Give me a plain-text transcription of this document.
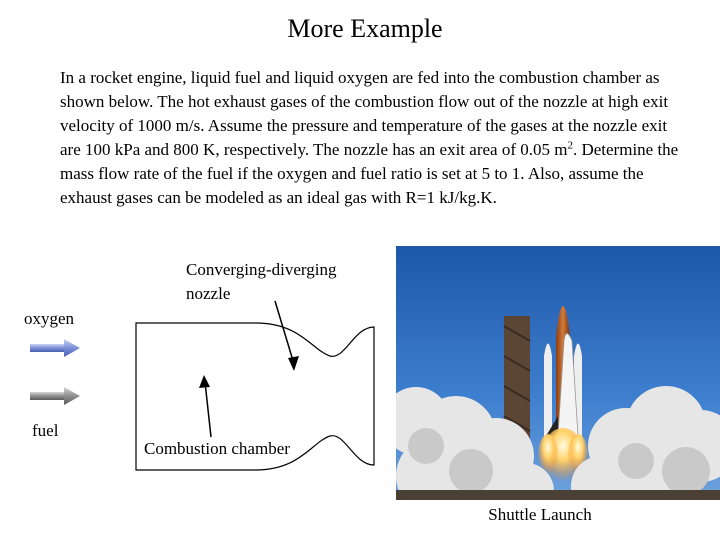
More Example
In a rocket engine, liquid fuel and liquid oxygen are fed into the combustion chamber as shown below. The hot exhaust gases of the combustion flow out of the nozzle at high exit velocity of 1000 m/s. Assume the pressure and temperature of the gases at the nozzle exit are 100 kPa and 800 K, respectively. The nozzle has an exit area of 0.05 $m^2$. Determine the mass flow rate of the fuel if the oxygen and fuel ratio is set at 5 to 1. Also, assume the exhaust gases can be modeled as an ideal gas with R=1 kJ/kg.K.
Converging-diverging
nozzle
oxygen
fuel
Combustion chamber
Shuttle Launch
